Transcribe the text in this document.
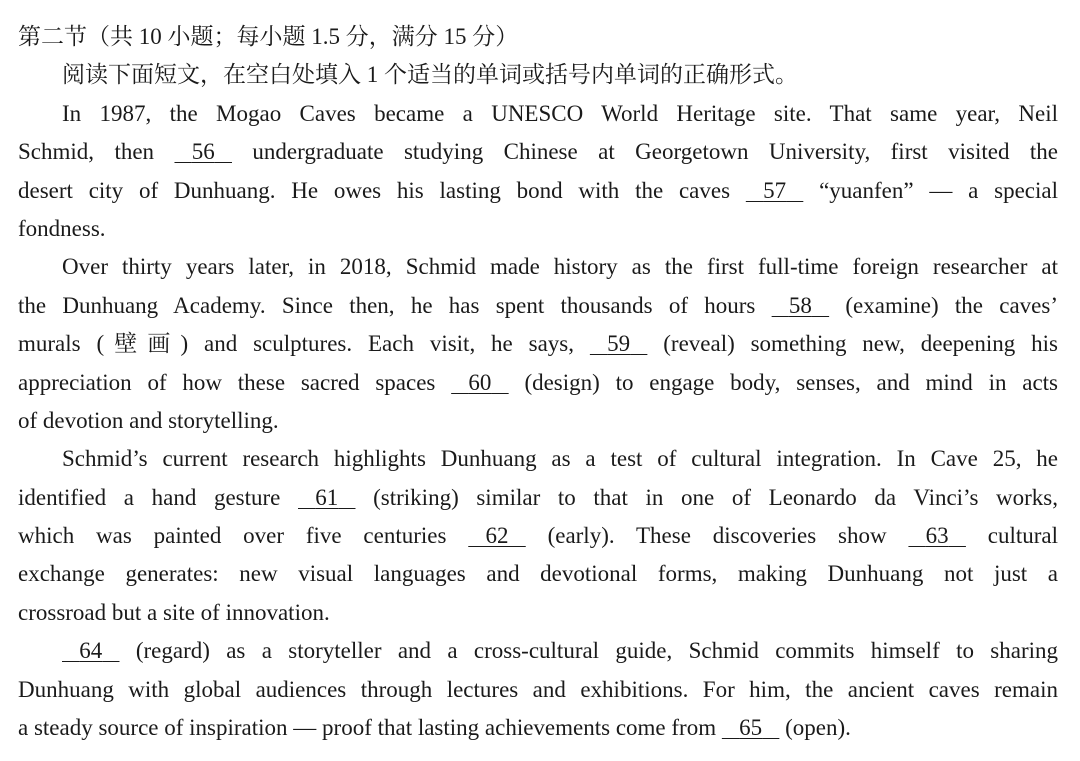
第二节（共 10 小题；每小题 1.5 分，满分 15 分）
阅读下面短文，在空白处填入 1 个适当的单词或括号内单词的正确形式。
In 1987, the Mogao Caves became a UNESCO World Heritage site. That same year, Neil
Schmid, then    56    undergraduate studying Chinese at Georgetown University, first visited the
desert city of Dunhuang. He owes his lasting bond with the caves    57    “yuanfen” — a special
fondness.
Over thirty years later, in 2018, Schmid made history as the first full-time foreign researcher at
the Dunhuang Academy. Since then, he has spent thousands of hours    58    (examine) the caves’
murals (壁画) and sculptures. Each visit, he says,    59    (reveal) something new, deepening his
appreciation of how these sacred spaces    60    (design) to engage body, senses, and mind in acts
of devotion and storytelling.
Schmid’s current research highlights Dunhuang as a test of cultural integration. In Cave 25, he
identified a hand gesture    61    (striking) similar to that in one of Leonardo da Vinci’s works,
which was painted over five centuries    62    (early). These discoveries show    63    cultural
exchange generates: new visual languages and devotional forms, making Dunhuang not just a
crossroad but a site of innovation.
64    (regard) as a storyteller and a cross-cultural guide, Schmid commits himself to sharing
Dunhuang with global audiences through lectures and exhibitions. For him, the ancient caves remain
a steady source of inspiration — proof that lasting achievements come from    65    (open).
